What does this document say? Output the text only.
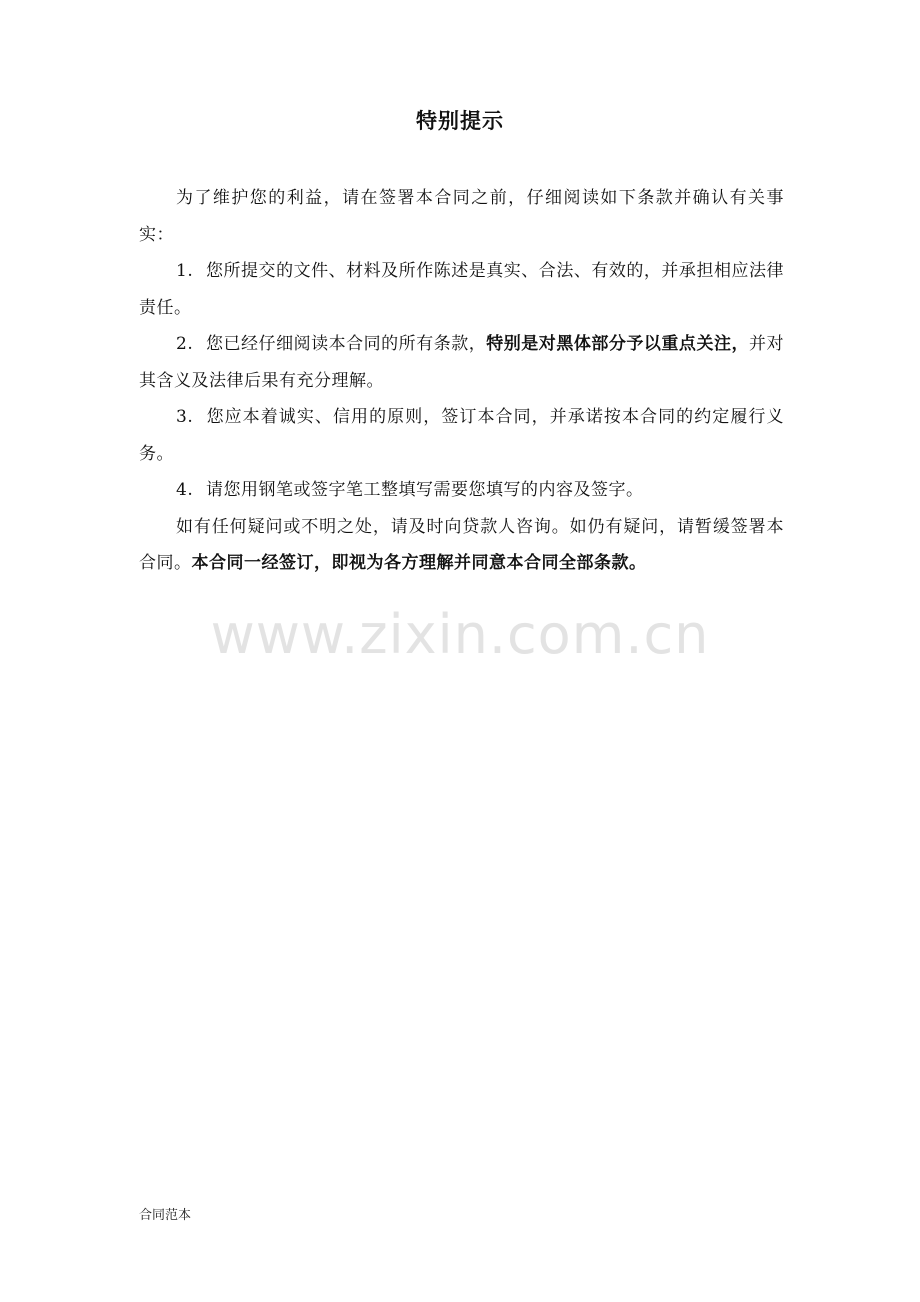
特别提示

为了维护您的利益，请在签署本合同之前，仔细阅读如下条款并确认有关事实：

1. 您所提交的文件、材料及所作陈述是真实、合法、有效的，并承担相应法律责任。

2. 您已经仔细阅读本合同的所有条款，特别是对黑体部分予以重点关注，并对其含义及法律后果有充分理解。

3. 您应本着诚实、信用的原则，签订本合同，并承诺按本合同的约定履行义务。

4. 请您用钢笔或签字笔工整填写需要您填写的内容及签字。

如有任何疑问或不明之处，请及时向贷款人咨询。如仍有疑问，请暂缓签署本合同。本合同一经签订，即视为各方理解并同意本合同全部条款。

www.zixin.com.cn
合同范本
